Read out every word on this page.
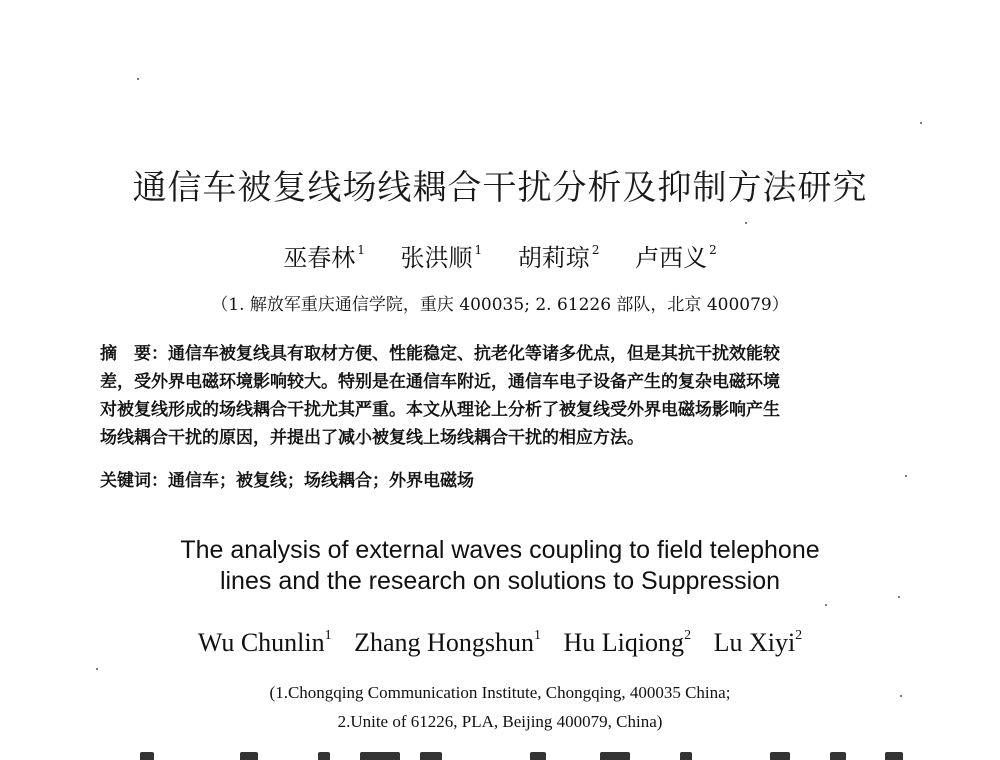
通信车被复线场线耦合干扰分析及抑制方法研究
巫春林 $^1$ 张洪顺 $^1$ 胡莉琼 $^2$ 卢西义 $^2$
（1. 解放军重庆通信学院，重庆 400035; 2. 61226 部队，北京 400079）
摘　要：通信车被复线具有取材方便、性能稳定、抗老化等诸多优点，但是其抗干扰效能较
差，受外界电磁环境影响较大。特别是在通信车附近，通信车电子设备产生的复杂电磁环境
对被复线形成的场线耦合干扰尤其严重。本文从理论上分析了被复线受外界电磁场影响产生
场线耦合干扰的原因，并提出了减小被复线上场线耦合干扰的相应方法。
关键词：通信车；被复线；场线耦合；外界电磁场
The analysis of external waves coupling to field telephone
lines and the research on solutions to Suppression
Wu Chunlin$^1$ Zhang Hongshun$^1$ Hu Liqiong$^2$ Lu Xiyi$^2$
(1.Chongqing Communication Institute, Chongqing, 400035 China;
2.Unite of 61226, PLA, Beijing 400079, China)
